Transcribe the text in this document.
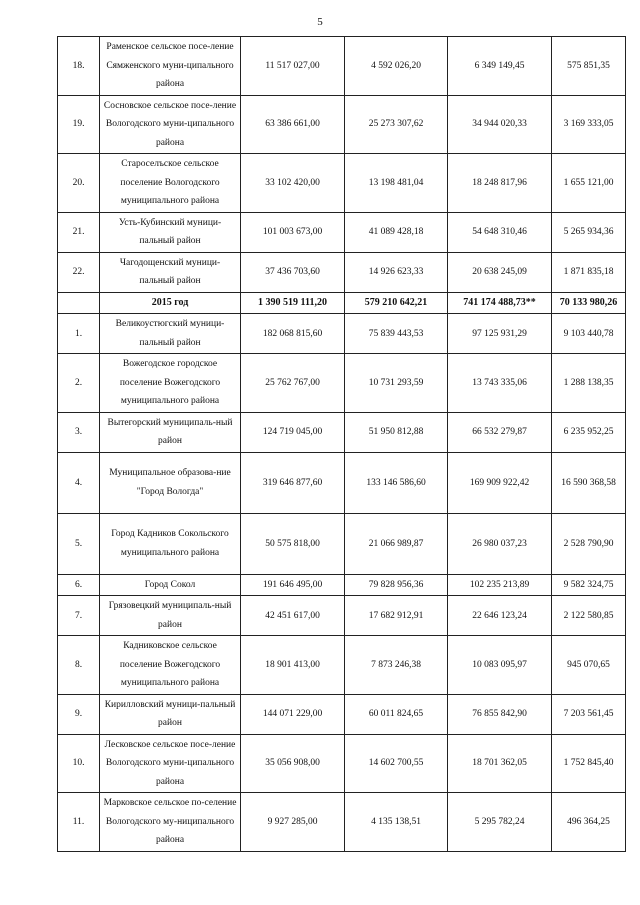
5
18.	Раменское сельское посе-ление Сямженского муни-ципального района	11 517 027,00	4 592 026,20	6 349 149,45	575 851,35
19.	Сосновское сельское посе-ление Вологодского муни-ципального района	63 386 661,00	25 273 307,62	34 944 020,33	3 169 333,05
20.	Староселъское сельское поселение Вологодского муниципального района	33 102 420,00	13 198 481,04	18 248 817,96	1 655 121,00
21.	Усть-Кубинский муници-пальный район	101 003 673,00	41 089 428,18	54 648 310,46	5 265 934,36
22.	Чагодощенский муници-пальный район	37 436 703,60	14 926 623,33	20 638 245,09	1 871 835,18
	2015 год	1 390 519 111,20	579 210 642,21	741 174 488,73**	70 133 980,26
1.	Великоустюгский муници-пальный район	182 068 815,60	75 839 443,53	97 125 931,29	9 103 440,78
2.	Вожегодское городское поселение Вожегодского муниципального района	25 762 767,00	10 731 293,59	13 743 335,06	1 288 138,35
3.	Вытегорский муниципаль-ный район	124 719 045,00	51 950 812,88	66 532 279,87	6 235 952,25
4.	Муниципальное образова-ние "Город Вологда"	319 646 877,60	133 146 586,60	169 909 922,42	16 590 368,58
5.	Город Кадников Сокольского муниципального района	50 575 818,00	21 066 989,87	26 980 037,23	2 528 790,90
6.	Город Сокол	191 646 495,00	79 828 956,36	102 235 213,89	9 582 324,75
7.	Грязовецкий муниципаль-ный район	42 451 617,00	17 682 912,91	22 646 123,24	2 122 580,85
8.	Кадниковское сельское поселение Вожегодского муниципального района	18 901 413,00	7 873 246,38	10 083 095,97	945 070,65
9.	Кирилловский муници-пальный район	144 071 229,00	60 011 824,65	76 855 842,90	7 203 561,45
10.	Лесковское сельское посе-ление Вологодского муни-ципального района	35 056 908,00	14 602 700,55	18 701 362,05	1 752 845,40
11.	Марковское сельское по-селение Вологодского му-ниципального района	9 927 285,00	4 135 138,51	5 295 782,24	496 364,25
